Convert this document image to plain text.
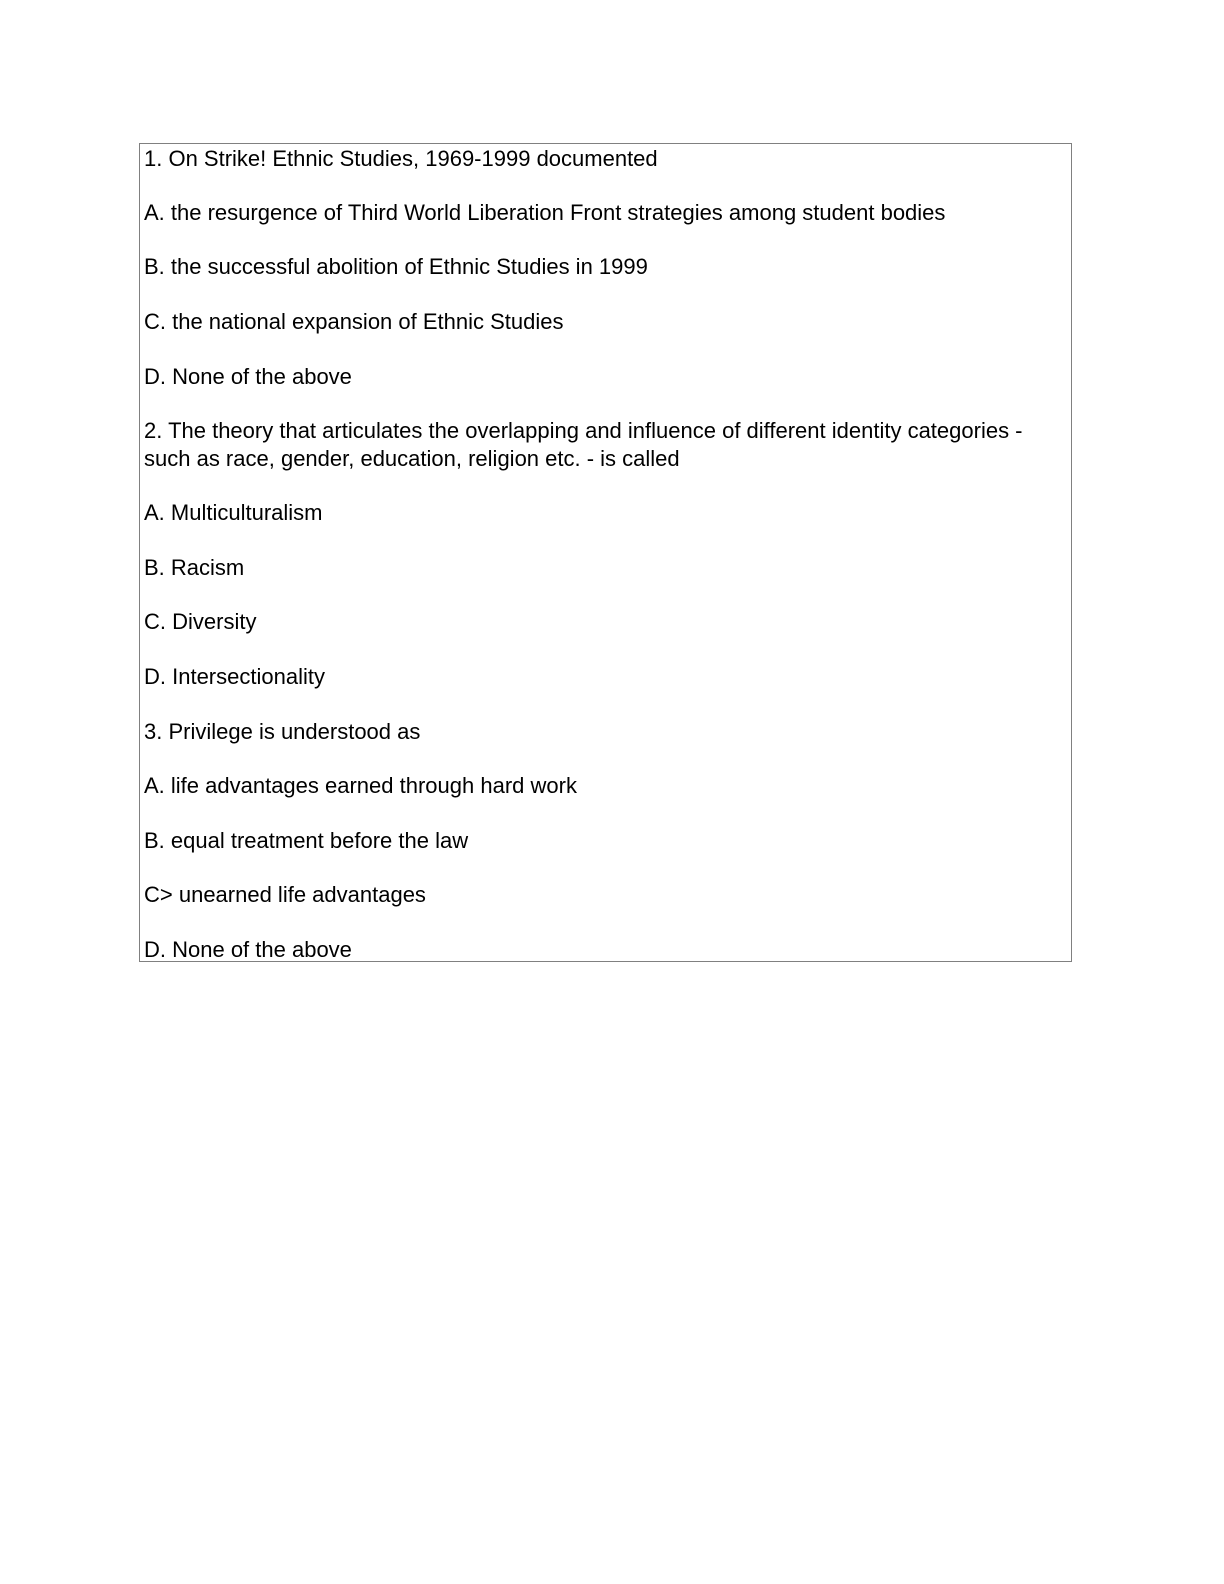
1. On Strike! Ethnic Studies, 1969-1999 documented
A. the resurgence of Third World Liberation Front strategies among student bodies
B. the successful abolition of Ethnic Studies in 1999
C. the national expansion of Ethnic Studies
D. None of the above
2. The theory that articulates the overlapping and influence of different identity categories - such as race, gender, education, religion etc. - is called
A. Multiculturalism
B. Racism
C. Diversity
D. Intersectionality
3. Privilege is understood as
A. life advantages earned through hard work
B. equal treatment before the law
C> unearned life advantages
D. None of the above
